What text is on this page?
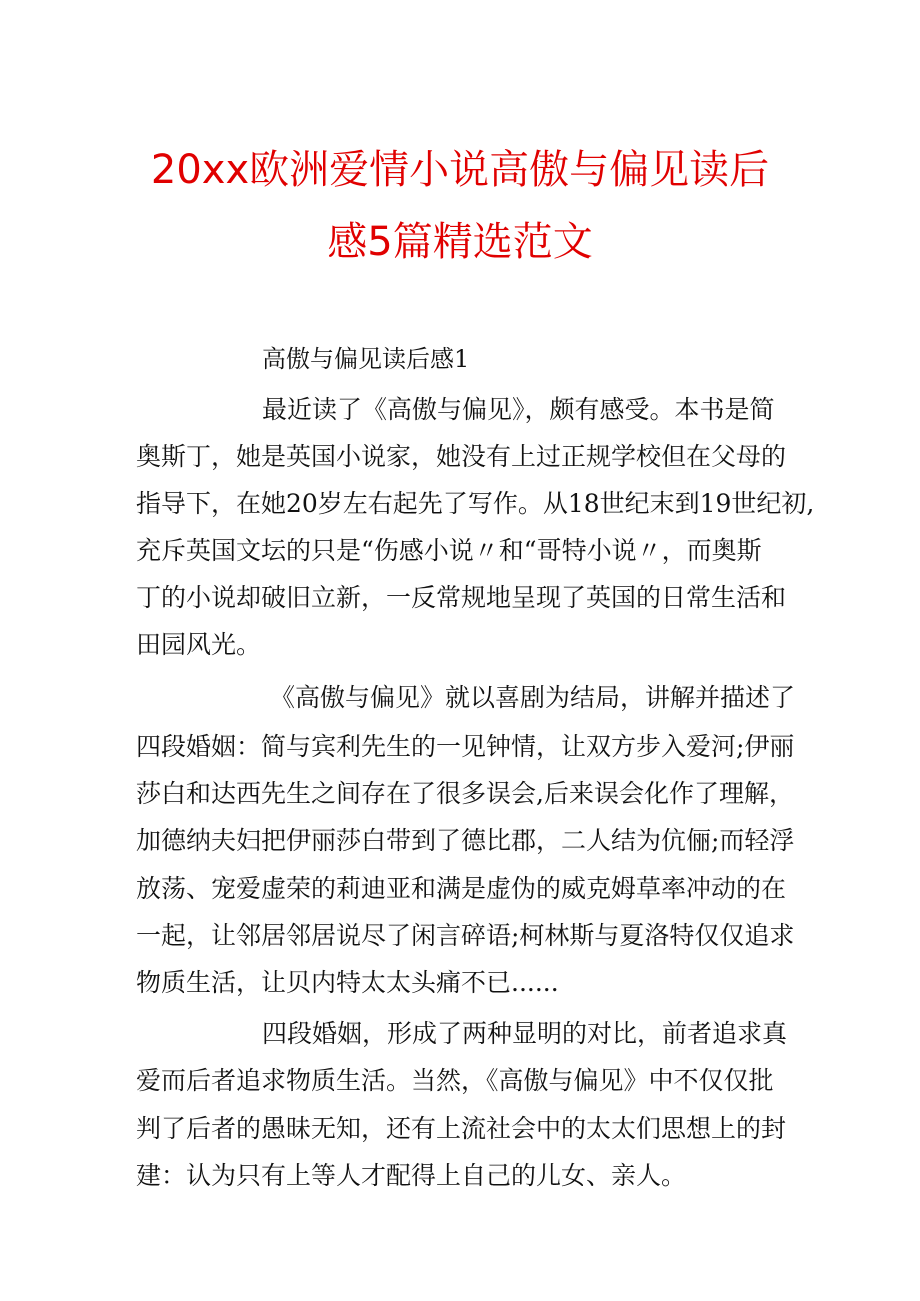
20xx欧洲爱情小说高傲与偏见读后
感5篇精选范文
高傲与偏见读后感1
最近读了《高傲与偏见》，颇有感受。本书是简
奥斯丁，她是英国小说家，她没有上过正规学校但在父母的
指导下，在她20岁左右起先了写作。从18世纪末到19世纪初,
充斥英国文坛的只是“伤感小说〃和“哥特小说〃，而奥斯
丁的小说却破旧立新，一反常规地呈现了英国的日常生活和
田园风光。
《高傲与偏见》就以喜剧为结局，讲解并描述了
四段婚姻：简与宾利先生的一见钟情，让双方步入爱河;伊丽
莎白和达西先生之间存在了很多误会,后来误会化作了理解，
加德纳夫妇把伊丽莎白带到了德比郡，二人结为伉俪;而轻浮
放荡、宠爱虚荣的莉迪亚和满是虚伪的威克姆草率冲动的在
一起，让邻居邻居说尽了闲言碎语;柯林斯与夏洛特仅仅追求
物质生活，让贝内特太太头痛不已......
四段婚姻，形成了两种显明的对比，前者追求真
爱而后者追求物质生活。当然，《高傲与偏见》中不仅仅批
判了后者的愚昧无知，还有上流社会中的太太们思想上的封
建：认为只有上等人才配得上自己的儿女、亲人。
